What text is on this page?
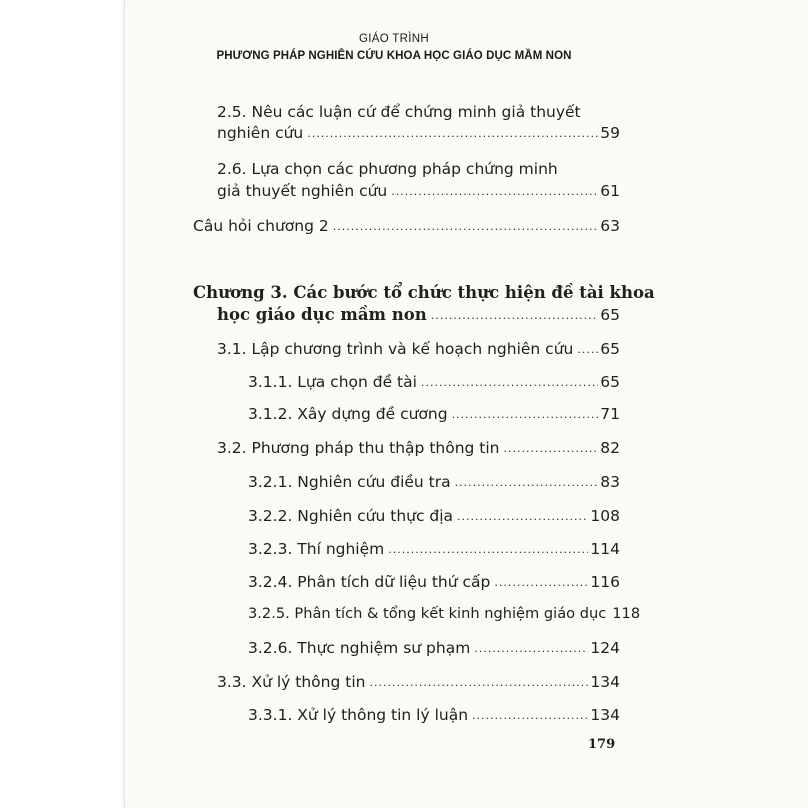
GIÁO TRÌNH
PHƯƠNG PHÁP NGHIÊN CỨU KHOA HỌC GIÁO DỤC MẦM NON
2.5. Nêu các luận cứ để chứng minh giả thuyết
nghiên cứu .....	59
2.6. Lựa chọn các phương pháp chứng minh
giả thuyết nghiên cứu .....	61
Câu hỏi chương 2 .....	63
Chương 3. Các bước tổ chức thực hiện đề tài khoa
học giáo dục mầm non .....	65
3.1. Lập chương trình và kế hoạch nghiên cứu ..... 65
3.1.1. Lựa chọn đề tài .....	65
3.1.2. Xây dựng đề cương .....	71
3.2. Phương pháp thu thập thông tin .....	82
3.2.1. Nghiên cứu điều tra .....	83
3.2.2. Nghiên cứu thực địa .....	108
3.2.3. Thí nghiệm .....	114
3.2.4. Phân tích dữ liệu thứ cấp .....	116
3.2.5. Phân tích & tổng kết kinh nghiệm giáo dục 118
3.2.6. Thực nghiệm sư phạm .....	124
3.3. Xử lý thông tin .....	134
3.3.1. Xử lý thông tin lý luận .....	134
179
